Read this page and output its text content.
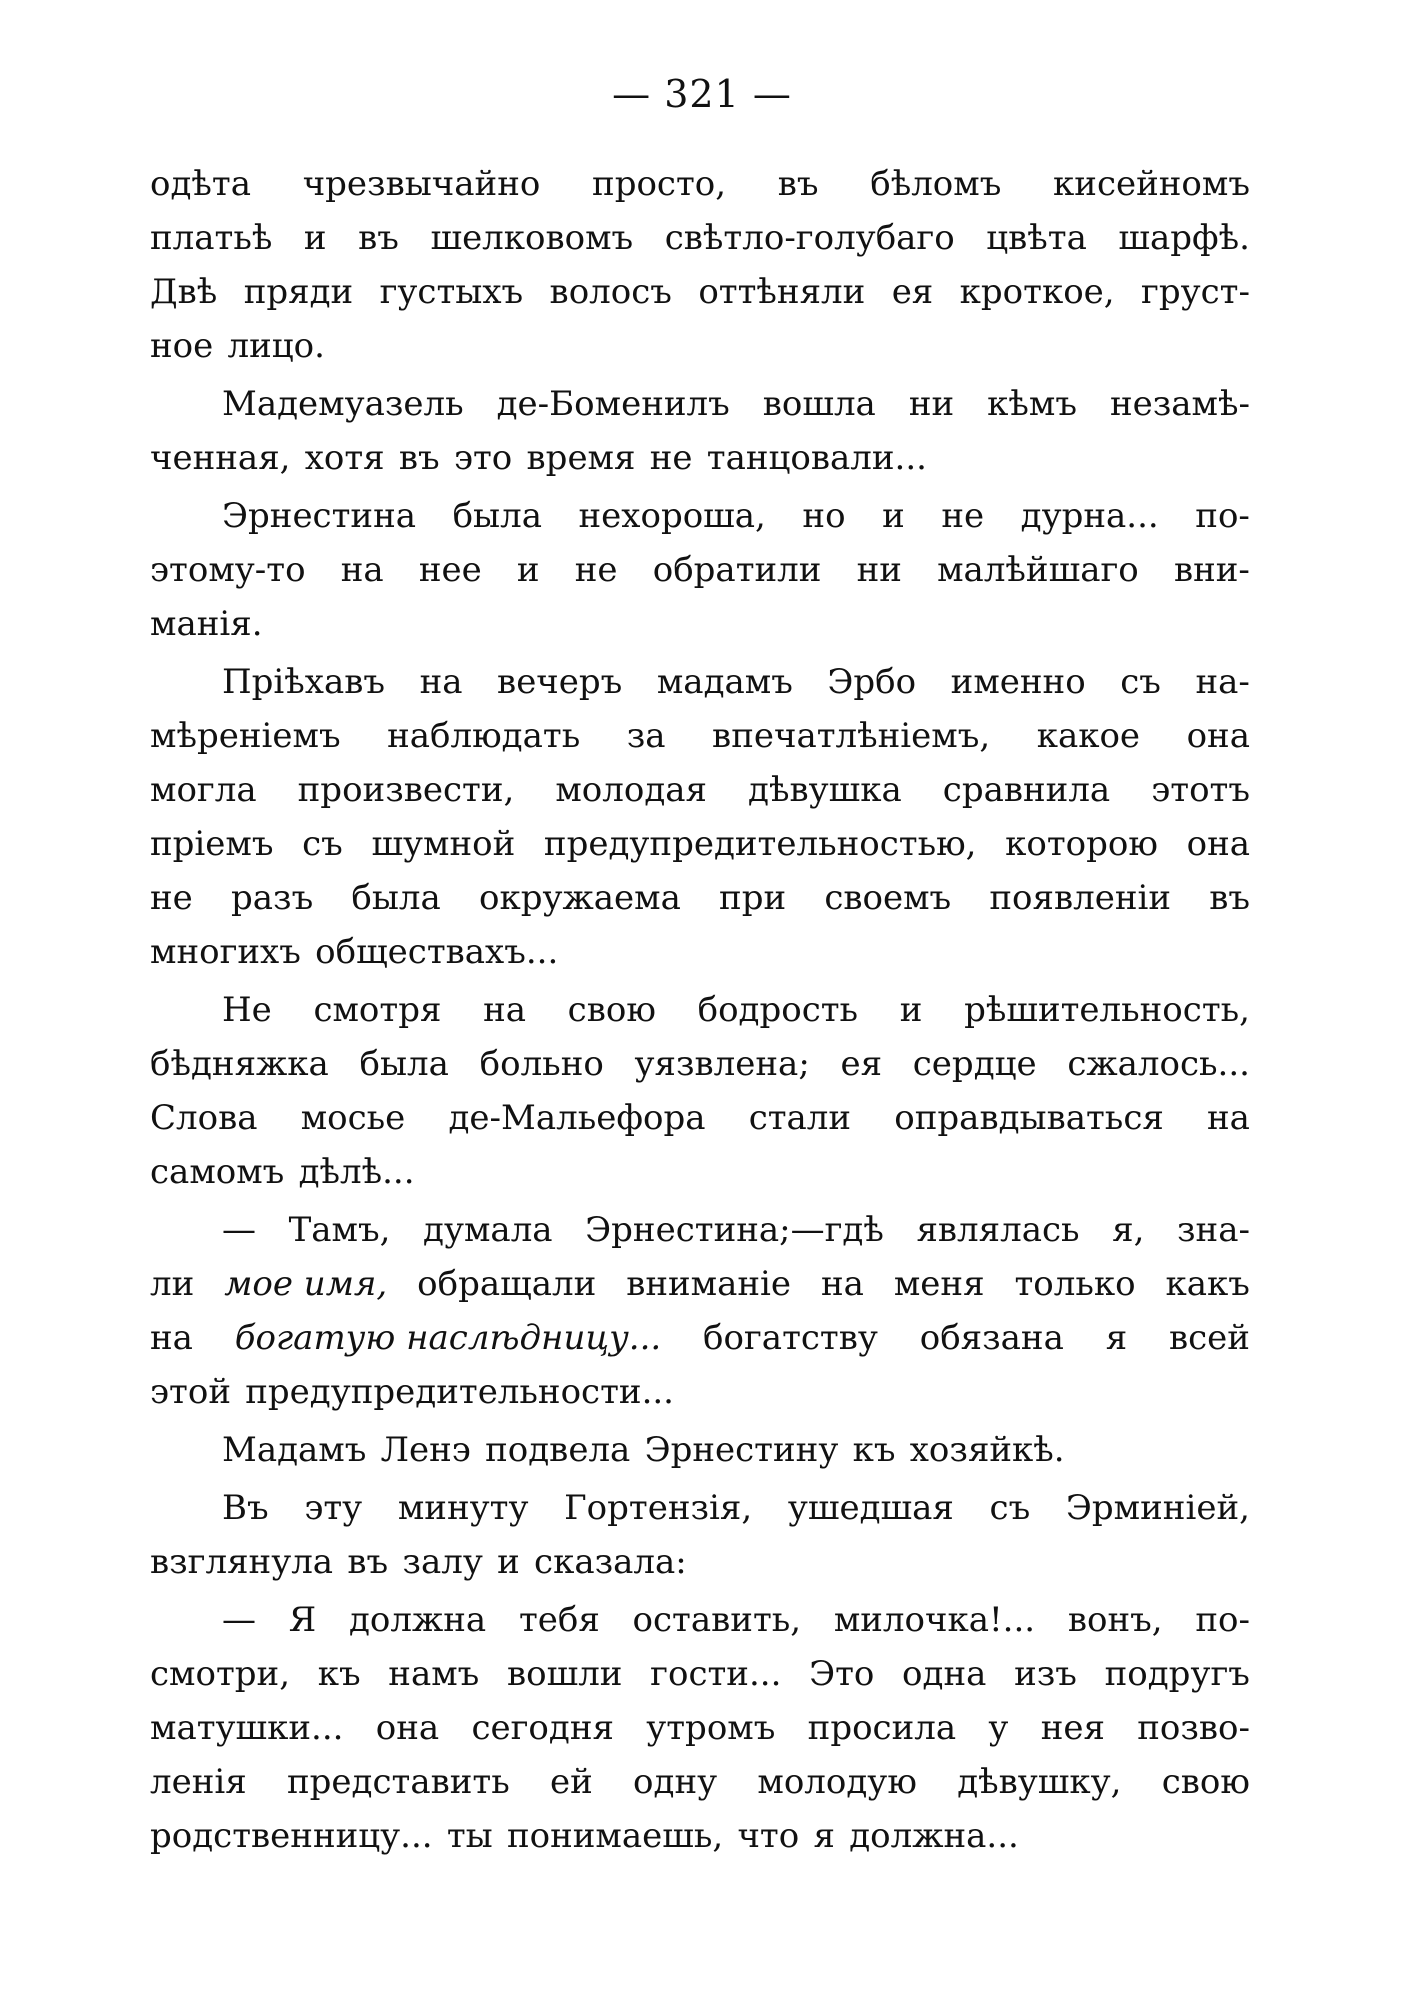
— 321 —
одѣта чрезвычайно просто, въ бѣломъ кисейномъ
платьѣ и въ шелковомъ свѣтло-голубаго цвѣта шарфѣ.
Двѣ пряди густыхъ волосъ оттѣняли ея кроткое, груст-
ное лицо.
Мадемуазель де-Боменилъ вошла ни кѣмъ незамѣ-
ченная, хотя въ это время не танцовали...
Эрнестина была нехороша, но и не дурна... по-
этому-то на нее и не обратили ни малѣйшаго вни-
манія.
Пріѣхавъ на вечеръ мадамъ Эрбо именно съ на-
мѣреніемъ наблюдать за впечатлѣніемъ, какое она
могла произвести, молодая дѣвушка сравнила этотъ
пріемъ съ шумной предупредительностью, которою она
не разъ была окружаема при своемъ появленіи въ
многихъ обществахъ...
Не смотря на свою бодрость и рѣшительность,
бѣдняжка была больно уязвлена; ея сердце сжалось...
Слова мосье де-Мальефора стали оправдываться на
самомъ дѣлѣ...
— Тамъ, думала Эрнестина;—гдѣ являлась я, зна-
ли мое имя, обращали вниманіе на меня только какъ
на богатую наслѣдницу... богатству обязана я всей
этой предупредительности...
Мадамъ Ленэ подвела Эрнестину къ хозяйкѣ.
Въ эту минуту Гортензія, ушедшая съ Эрминіей,
взглянула въ залу и сказала:
— Я должна тебя оставить, милочка!... вонъ, по-
смотри, къ намъ вошли гости... Это одна изъ подругъ
матушки... она сегодня утромъ просила у нея позво-
ленія представить ей одну молодую дѣвушку, свою
родственницу... ты понимаешь, что я должна...
